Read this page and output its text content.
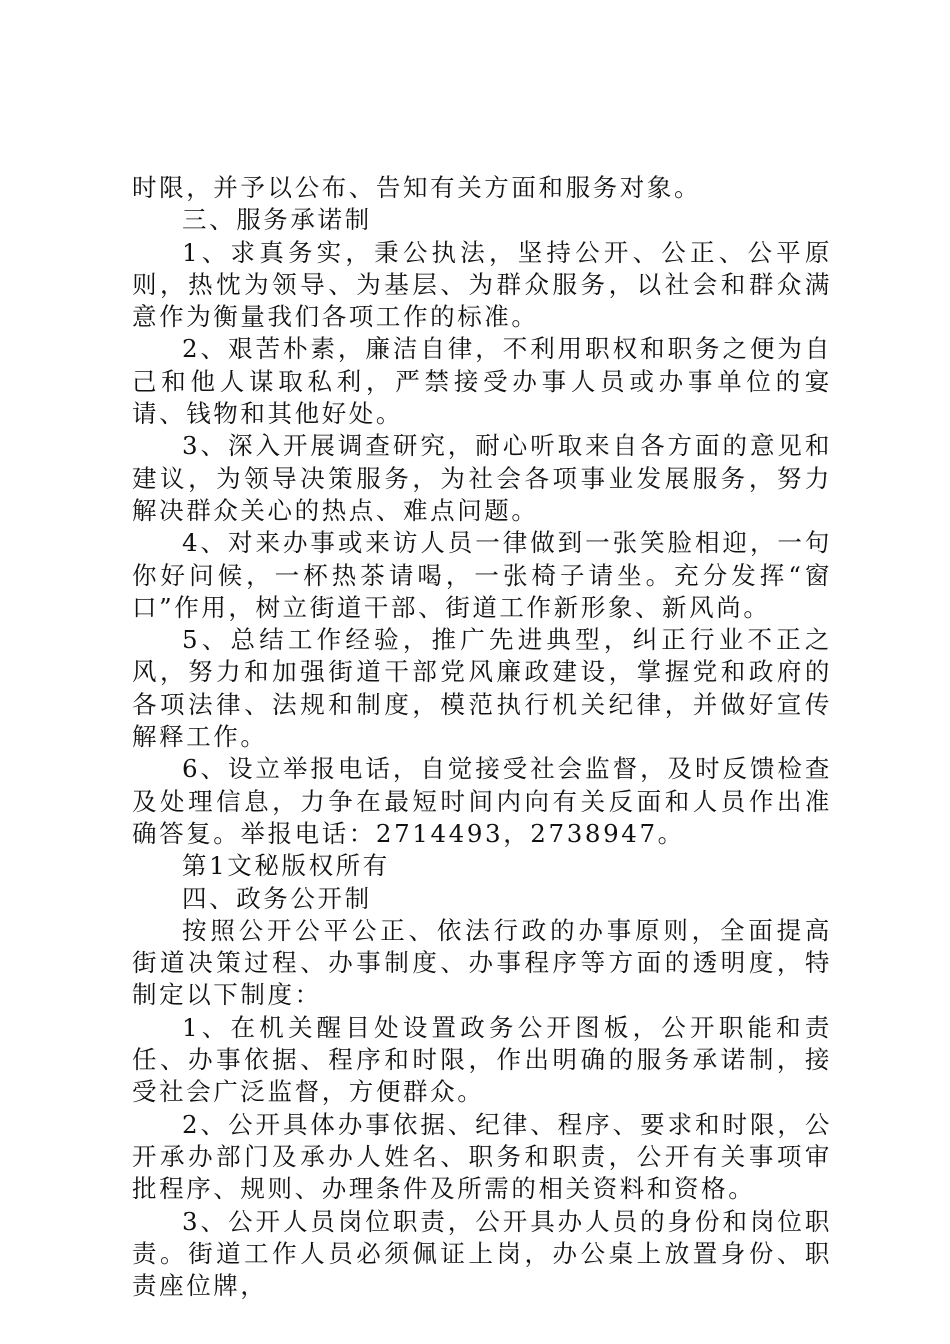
时限，并予以公布、告知有关方面和服务对象。

三、服务承诺制

1、求真务实，秉公执法，坚持公开、公正、公平原则，热忱为领导、为基层、为群众服务，以社会和群众满意作为衡量我们各项工作的标准。

2、艰苦朴素，廉洁自律，不利用职权和职务之便为自己和他人谋取私利，严禁接受办事人员或办事单位的宴请、钱物和其他好处。

3、深入开展调查研究，耐心听取来自各方面的意见和建议，为领导决策服务，为社会各项事业发展服务，努力解决群众关心的热点、难点问题。

4、对来办事或来访人员一律做到一张笑脸相迎，一句你好问候，一杯热茶请喝，一张椅子请坐。充分发挥“窗口”作用，树立街道干部、街道工作新形象、新风尚。

5、总结工作经验，推广先进典型，纠正行业不正之风，努力和加强街道干部党风廉政建设，掌握党和政府的各项法律、法规和制度，模范执行机关纪律，并做好宣传解释工作。

6、设立举报电话，自觉接受社会监督，及时反馈检查及处理信息，力争在最短时间内向有关反面和人员作出准确答复。举报电话：2714493，2738947。

第1文秘版权所有

四、政务公开制

按照公开公平公正、依法行政的办事原则，全面提高街道决策过程、办事制度、办事程序等方面的透明度，特制定以下制度：

1、在机关醒目处设置政务公开图板，公开职能和责任、办事依据、程序和时限，作出明确的服务承诺制，接受社会广泛监督，方便群众。

2、公开具体办事依据、纪律、程序、要求和时限，公开承办部门及承办人姓名、职务和职责，公开有关事项审批程序、规则、办理条件及所需的相关资料和资格。

3、公开人员岗位职责，公开具办人员的身份和岗位职责。街道工作人员必须佩证上岗，办公桌上放置身份、职责座位牌，
